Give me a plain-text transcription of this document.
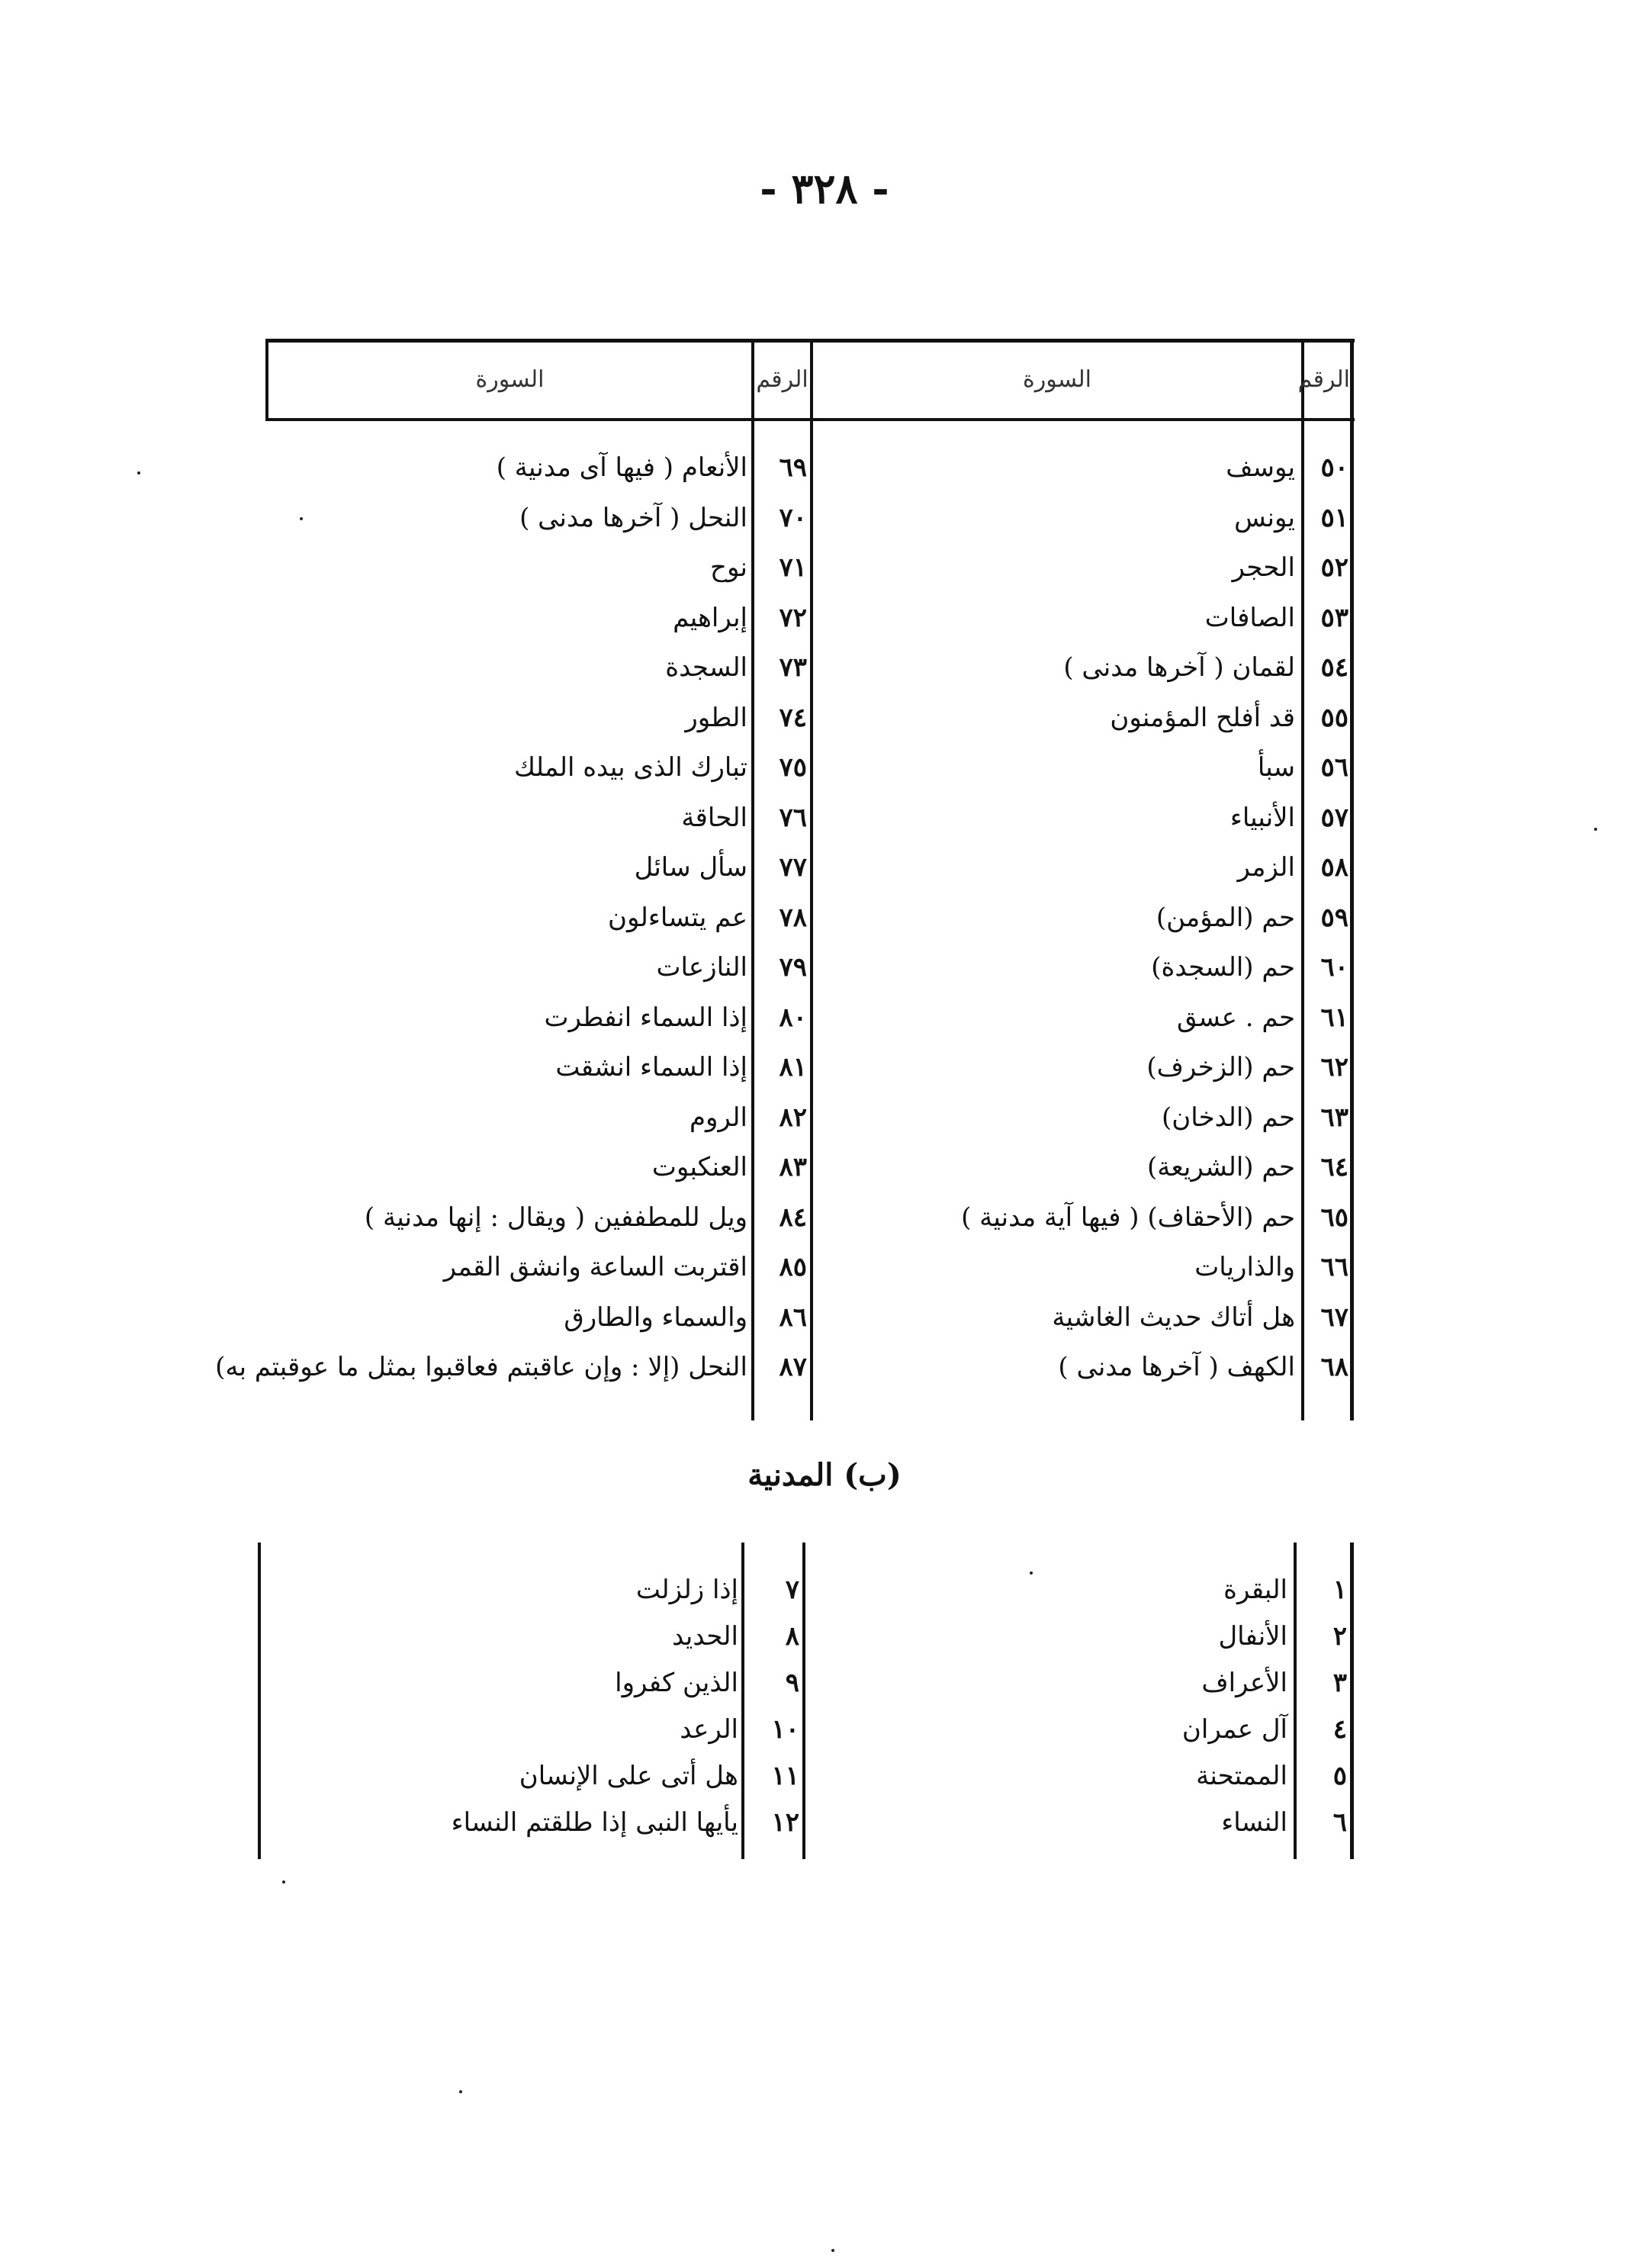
- ٣٢٨ -
الرقم
السورة
الرقم
السورة
٥٠
يوسف
٥١
يونس
٥٢
الحجر
٥٣
الصافات
٥٤
لقمان ( آخرها مدنى )
٥٥
قد أفلح المؤمنون
٥٦
سبأ
٥٧
الأنبياء
٥٨
الزمر
٥٩
حم (المؤمن)
٦٠
حم (السجدة)
٦١
حم . عسق
٦٢
حم (الزخرف)
٦٣
حم (الدخان)
٦٤
حم (الشريعة)
٦٥
حم (الأحقاف) ( فيها آية مدنية )
٦٦
والذاريات
٦٧
هل أتاك حديث الغاشية
٦٨
الكهف ( آخرها مدنى )
٦٩
الأنعام ( فيها آى مدنية )
٧٠
النحل ( آخرها مدنى )
٧١
نوح
٧٢
إبراهيم
٧٣
السجدة
٧٤
الطور
٧٥
تبارك الذى بيده الملك
٧٦
الحاقة
٧٧
سأل سائل
٧٨
عم يتساءلون
٧٩
النازعات
٨٠
إذا السماء انفطرت
٨١
إذا السماء انشقت
٨٢
الروم
٨٣
العنكبوت
٨٤
ويل للمطففين ( ويقال : إنها مدنية )
٨٥
اقتربت الساعة وانشق القمر
٨٦
والسماء والطارق
٨٧
النحل (إلا : وإن عاقبتم فعاقبوا بمثل ما عوقبتم به)
(ب) المدنية
١
البقرة
٢
الأنفال
٣
الأعراف
٤
آل عمران
٥
الممتحنة
٦
النساء
٧
إذا زلزلت
٨
الحديد
٩
الذين كفروا
١٠
الرعد
١١
هل أتى على الإنسان
١٢
يأيها النبى إذا طلقتم النساء
